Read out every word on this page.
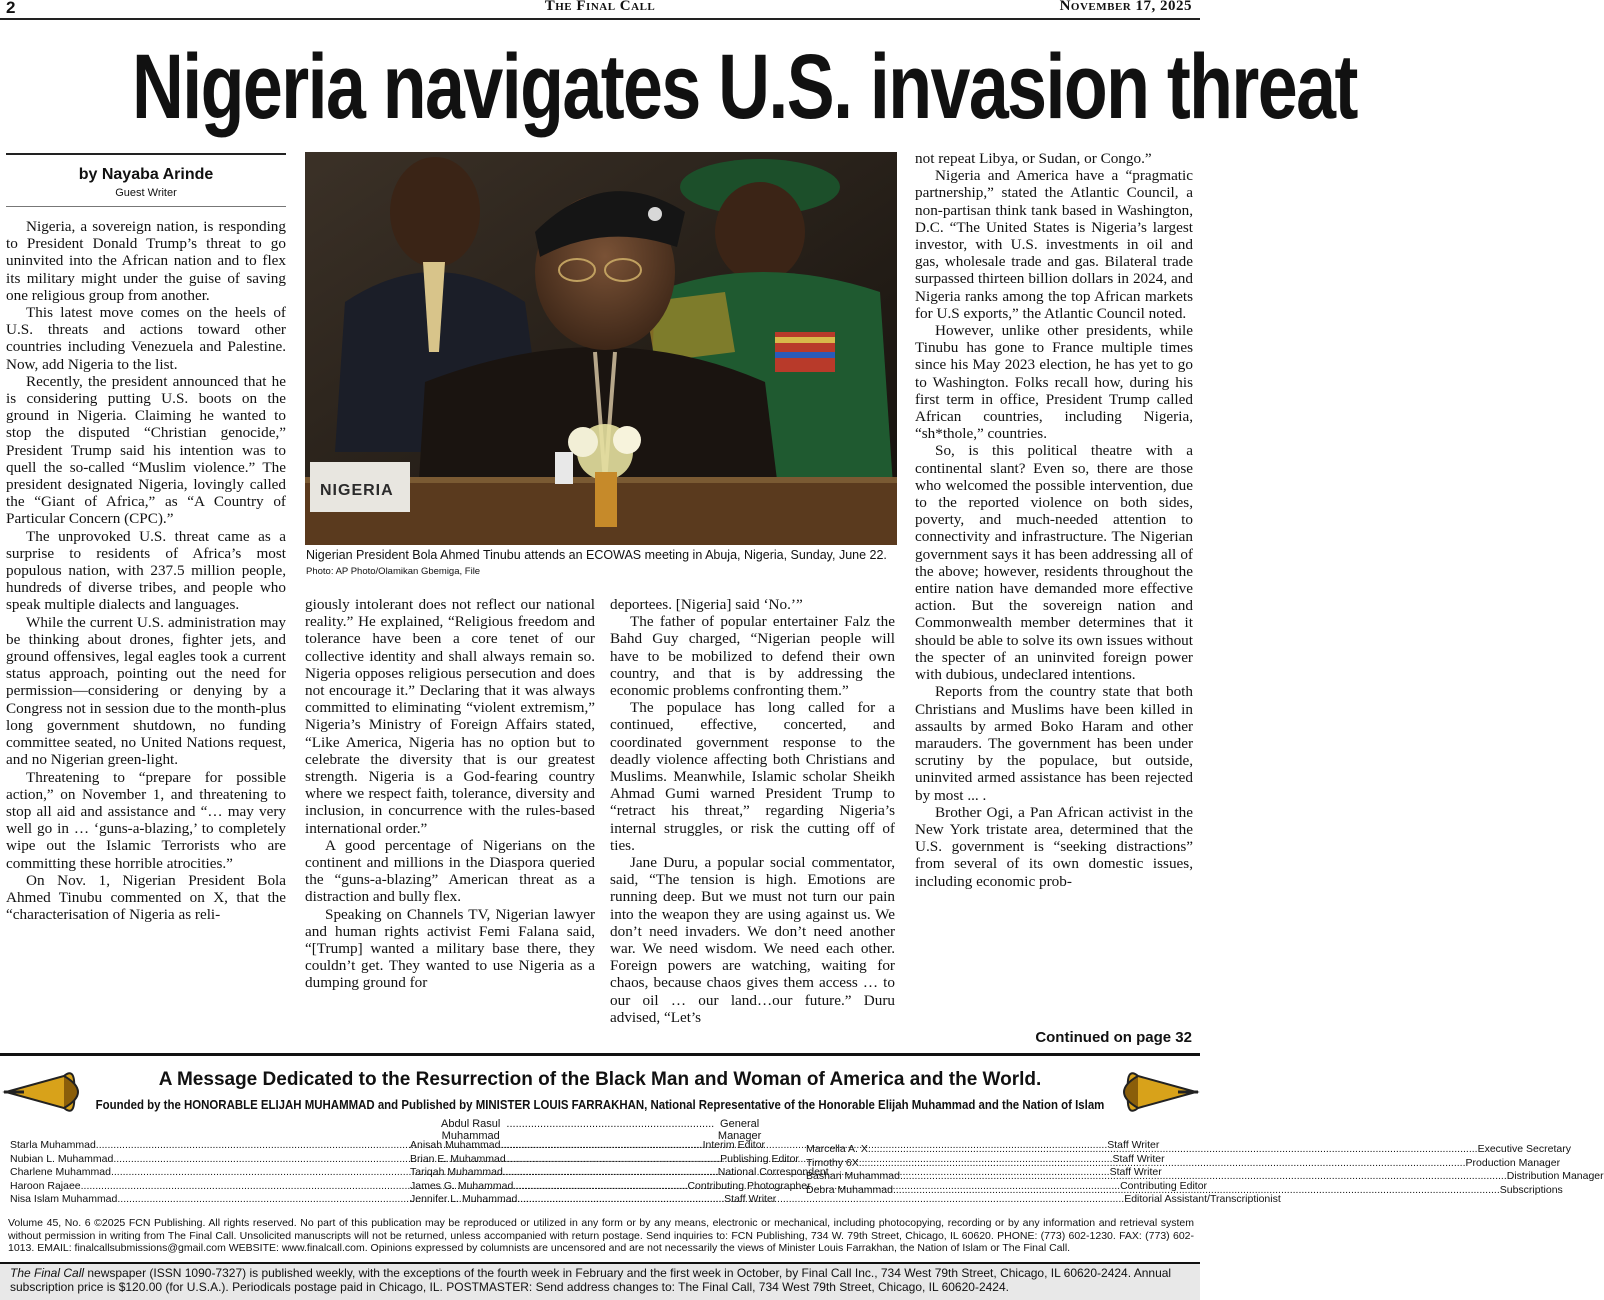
2	The Final Call	November 17, 2025
Nigeria navigates U.S. invasion threat
by Nayaba Arinde
Guest Writer

Nigeria, a sovereign nation, is responding to President Donald Trump’s threat to go uninvited into the African nation and to flex its military might under the guise of saving one religious group from another.

This latest move comes on the heels of U.S. threats and actions toward other countries including Venezuela and Palestine. Now, add Nigeria to the list.

Recently, the president announced that he is considering putting U.S. boots on the ground in Nigeria. Claiming he wanted to stop the disputed “Christian genocide,” President Trump said his intention was to quell the so-called “Muslim violence.” The president designated Nigeria, lovingly called the “Giant of Africa,” as “A Country of Particular Concern (CPC).”

The unprovoked U.S. threat came as a surprise to residents of Africa’s most populous nation, with 237.5 million people, hundreds of diverse tribes, and people who speak multiple dialects and languages.

While the current U.S. administration may be thinking about drones, fighter jets, and ground offensives, legal eagles took a current status approach, pointing out the need for permission—considering or denying by a Congress not in session due to the month-plus long government shutdown, no funding committee seated, no United Nations request, and no Nigerian green-light.

Threatening to “prepare for possible action,” on November 1, and threatening to stop all aid and assistance and “… may very well go in … ‘guns-a-blazing,’ to completely wipe out the Islamic Terrorists who are committing these horrible atrocities.”

On Nov. 1, Nigerian President Bola Ahmed Tinubu commented on X, that the “characterisation of Nigeria as reli-

NIGERIA
Nigerian President Bola Ahmed Tinubu attends an ECOWAS meeting in Abuja, Nigeria, Sunday, June 22. Photo: AP Photo/Olamikan Gbemiga, File

giously intolerant does not reflect our national reality.” He explained, “Religious freedom and tolerance have been a core tenet of our collective identity and shall always remain so. Nigeria opposes religious persecution and does not encourage it.” Declaring that it was always committed to eliminating “violent extremism,” Nigeria’s Ministry of Foreign Affairs stated, “Like America, Nigeria has no option but to celebrate the diversity that is our greatest strength. Nigeria is a God-fearing country where we respect faith, tolerance, diversity and inclusion, in concurrence with the rules-based international order.”

A good percentage of Nigerians on the continent and millions in the Diaspora queried the “guns-a-blazing” American threat as a distraction and bully flex.

Speaking on Channels TV, Nigerian lawyer and human rights activist Femi Falana said, “[Trump] wanted a military base there, they couldn’t get. They wanted to use Nigeria as a dumping ground for

deportees. [Nigeria] said ‘No.’”

The father of popular entertainer Falz the Bahd Guy charged, “Nigerian people will have to be mobilized to defend their own country, and that is by addressing the economic problems confronting them.”

The populace has long called for a continued, effective, concerted, and coordinated government response to the deadly violence affecting both Christians and Muslims. Meanwhile, Islamic scholar Sheikh Ahmad Gumi warned President Trump to “retract his threat,” regarding Nigeria’s internal struggles, or risk the cutting off of ties.

Jane Duru, a popular social commentator, said, “The tension is high. Emotions are running deep. But we must not turn our pain into the weapon they are using against us. We don’t need invaders. We don’t need another war. We need wisdom. We need each other. Foreign powers are watching, waiting for chaos, because chaos gives them access … to our oil … our land…our future.” Duru advised, “Let’s

not repeat Libya, or Sudan, or Congo.”

Nigeria and America have a “pragmatic partnership,” stated the Atlantic Council, a non-partisan think tank based in Washington, D.C. “The United States is Nigeria’s largest investor, with U.S. investments in oil and gas, wholesale trade and gas. Bilateral trade surpassed thirteen billion dollars in 2024, and Nigeria ranks among the top African markets for U.S exports,” the Atlantic Council noted.

However, unlike other presidents, while Tinubu has gone to France multiple times since his May 2023 election, he has yet to go to Washington. Folks recall how, during his first term in office, President Trump called African countries, including Nigeria, “sh*thole,” countries.

So, is this political theatre with a continental slant? Even so, there are those who welcomed the possible intervention, due to the reported violence on both sides, poverty, and much-needed attention to connectivity and infrastructure. The Nigerian government says it has been addressing all of the above; however, residents throughout the entire nation have demanded more effective action. But the sovereign nation and Commonwealth member determines that it should be able to solve its own issues without the specter of an uninvited foreign power with dubious, undeclared intentions.

Reports from the country state that both Christians and Muslims have been killed in assaults by armed Boko Haram and other marauders. The government has been under scrutiny by the populace, but outside, uninvited armed assistance has been rejected by most ... .

Brother Ogi, a Pan African activist in the New York tristate area, determined that the U.S. government is “seeking distractions” from several of its own domestic issues, including economic prob-

Continued on page 32
A Message Dedicated to the Resurrection of the Black Man and Woman of America and the World.
Founded by the HONORABLE ELIJAH MUHAMMAD and Published by MINISTER LOUIS FARRAKHAN, National Representative of the Honorable Elijah Muhammad and the Nation of Islam
Abdul Rasul Muhammad
.................................................................... General Manager
Starla Muhammad .....	Interim Editor
Nubian L. Muhammad .....	Publishing Editor
Charlene Muhammad .....	National Correspondent
Haroon Rajaee .....	Contributing Photographer
Nisa Islam Muhammad .....	Staff Writer
Anisah Muhammad .....	Staff Writer
Brian E. Muhammad .....	Staff Writer
Tariqah Muhammad .....	Staff Writer
James G. Muhammad .....	Contributing Editor
Jennifer L. Muhammad .....	Editorial Assistant/Transcriptionist
Marcella A. X. .....	Executive Secretary
Timothy 6X .....	Production Manager
Bashari Muhammad .....	Distribution Manager
Debra Muhammad .....	Subscriptions
Volume 45, No. 6 ©2025 FCN Publishing. All rights reserved. No part of this publication may be reproduced or utilized in any form or by any means, electronic or mechanical, including photocopying, recording or by any information and retrieval system without permission in writing from The Final Call. Unsolicited manuscripts will not be returned, unless accompanied with return postage. Send inquiries to: FCN Publishing, 734 W. 79th Street, Chicago, IL 60620. PHONE: (773) 602-1230. FAX: (773) 602-1013. EMAIL: finalcallsubmissions@gmail.com WEBSITE: www.finalcall.com. Opinions expressed by columnists are uncensored and are not necessarily the views of Minister Louis Farrakhan, the Nation of Islam or The Final Call.
The Final Call newspaper (ISSN 1090-7327) is published weekly, with the exceptions of the fourth week in February and the first week in October, by Final Call Inc., 734 West 79th Street, Chicago, IL 60620-2424. Annual subscription price is $120.00 (for U.S.A.). Periodicals postage paid in Chicago, IL. POSTMASTER: Send address changes to: The Final Call, 734 West 79th Street, Chicago, IL 60620-2424.
